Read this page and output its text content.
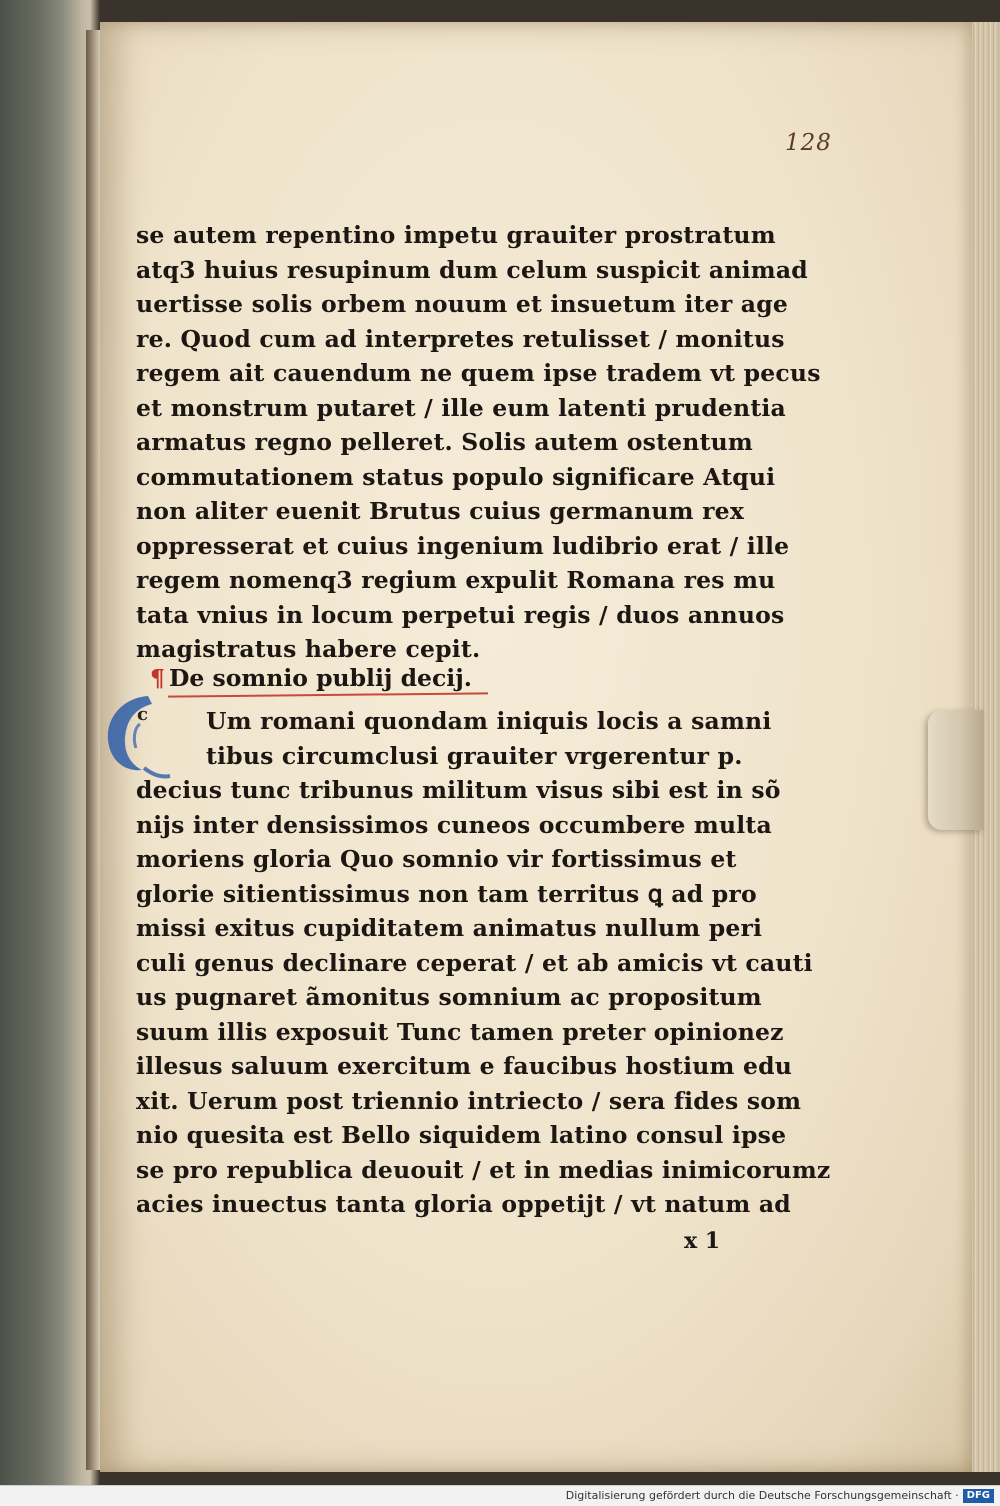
128
se autem repentino impetu grauiter prostratum
atq3 huius resupinum dum celum suspicit animad
uertisse solis orbem nouum et insuetum iter age
re. Quod cum ad interpretes retulisset / monitus
regem ait cauendum ne quem ipse tradem vt pecus
et monstrum putaret / ille eum latenti prudentia
armatus regno pelleret. Solis autem ostentum
commutationem status populo significare Atqui
non aliter euenit Brutus cuius germanum rex
oppresserat et cuius ingenium ludibrio erat / ille
regem nomenq3 regium expulit Romana res mu
tata vnius in locum perpetui regis / duos annuos
magistratus habere cepit.
¶ De somnio publij decij.
c	Um romani quondam iniquis locis a samni
tibus circumclusi grauiter vrgerentur p.
decius tunc tribunus militum visus sibi est in sõ
nijs inter densissimos cuneos occumbere multa
moriens gloria Quo somnio vir fortissimus et
glorie sitientissimus non tam territus ꝗ ad pro
missi exitus cupiditatem animatus nullum peri
culi genus declinare ceperat / et ab amicis vt cauti
us pugnaret ãmonitus somnium ac propositum
suum illis exposuit Tunc tamen preter opinionez
illesus saluum exercitum e faucibus hostium edu
xit. Uerum post triennio intriecto / sera fides som
nio quesita est Bello siquidem latino consul ipse
se pro republica deuouit / et in medias inimicorumz
acies inuectus tanta gloria oppetijt / vt natum ad
x 1
Digitalisierung gefördert durch die Deutsche Forschungsgemeinschaft · DFG
